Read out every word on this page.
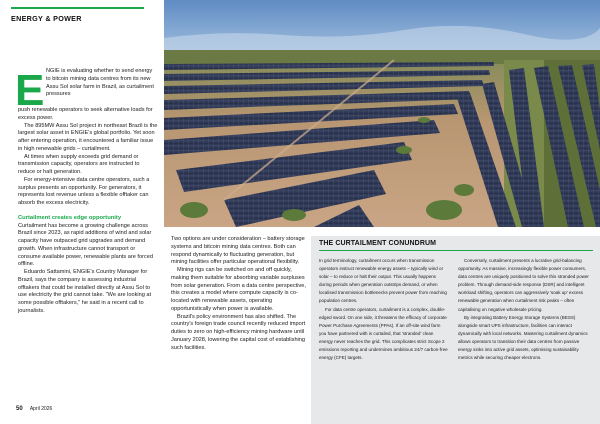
ENERGY & POWER
E NGIE is evaluating whether to send energy to bitcoin mining data centres from its new Assu Sol solar farm in Brazil, as curtailment pressures

push renewable operators to seek alternative loads for excess power.

The 895MW Assu Sol project in northeast Brazil is the largest solar asset in ENGIE's global portfolio. Yet soon after entering operation, it encountered a familiar issue in high renewable grids – curtailment.

At times when supply exceeds grid demand or transmission capacity, operators are instructed to reduce or halt generation.

For energy-intensive data centre operators, such a surplus presents an opportunity. For generators, it represents lost revenue unless a flexible offtaker can absorb the excess electricity.

Curtailment creates edge opportunity

Curtailment has become a growing challenge across Brazil since 2023, as rapid additions of wind and solar capacity have outpaced grid upgrades and demand growth. When infrastructure cannot transport or consume available power, renewable plants are forced offline.

Eduardo Sattamini, ENGIE's Country Manager for Brazil, says the company is assessing industrial offtakers that could be installed directly at Assu Sol to use electricity the grid cannot take. "We are looking at some possible offtakers," he said in a recent call to journalists.

Two options are under consideration – battery storage systems and bitcoin mining data centres. Both can respond dynamically to fluctuating generation, but mining facilities offer particular operational flexibility.

Mining rigs can be switched on and off quickly, making them suitable for absorbing variable surpluses from solar generation. From a data centre perspective, this creates a model where compute capacity is co-located with renewable assets, operating opportunistically when power is available.

Brazil's policy environment has also shifted. The country's foreign trade council recently reduced import duties to zero on high-efficiency mining hardware until January 2028, lowering the capital cost of establishing such facilities.

THE CURTAILMENT CONUNDRUM

In grid terminology, curtailment occurs when transmission operators instruct renewable energy assets – typically wind or solar – to reduce or halt their output. This usually happens during periods when generation outstrips demand, or when localised transmission bottlenecks prevent power from reaching population centres.

For data centre operators, curtailment is a complex, double-edged sword. On one side, it threatens the efficacy of corporate Power Purchase Agreements (PPAs). If an off-site wind farm you have partnered with is curtailed, that 'stranded' clean energy never reaches the grid. This complicates strict Scope 2 emissions reporting and undermines ambitious 24/7 carbon-free energy (CFE) targets.

Conversely, curtailment presents a lucrative grid-balancing opportunity. As massive, increasingly flexible power consumers, data centres are uniquely positioned to solve this stranded power problem. Through demand-side response (DSR) and intelligent workload shifting, operators can aggressively 'soak up' excess renewable generation when curtailment risk peaks – often capitalising on negative wholesale pricing.

By integrating Battery Energy Storage Systems (BESS) alongside smart UPS infrastructure, facilities can interact dynamically with local networks. Mastering curtailment dynamics allows operators to transition their data centres from passive energy sinks into active grid assets, optimising sustainability metrics while securing cheaper electrons.

50 April 2026
